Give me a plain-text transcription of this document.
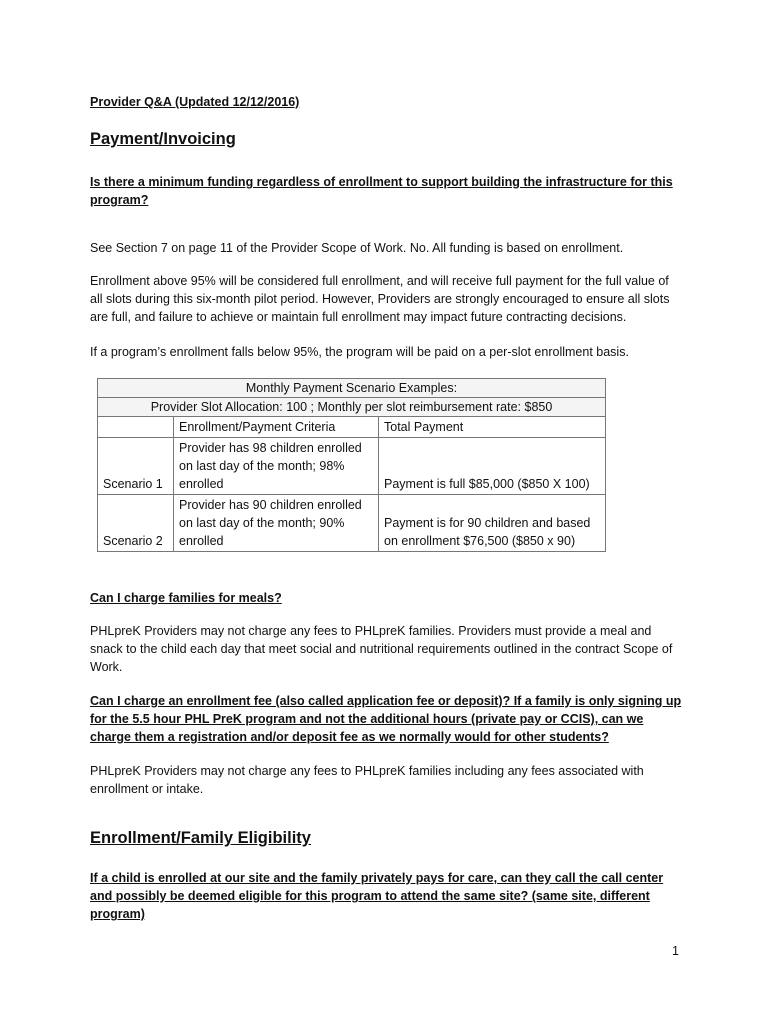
Provider Q&A (Updated 12/12/2016)
Payment/Invoicing
Is there a minimum funding regardless of enrollment to support building the infrastructure for this program?
See Section 7 on page 11 of the Provider Scope of Work. No. All funding is based on enrollment.
Enrollment above 95% will be considered full enrollment, and will receive full payment for the full value of all slots during this six-month pilot period. However, Providers are strongly encouraged to ensure all slots are full, and failure to achieve or maintain full enrollment may impact future contracting decisions.
If a program’s enrollment falls below 95%, the program will be paid on a per-slot enrollment basis.
Monthly Payment Scenario Examples:		
Provider Slot Allocation: 100 ; Monthly per slot reimbursement rate: $850		
	Enrollment/Payment Criteria	Total Payment
Scenario 1	Provider has 98 children enrolled on last day of the month; 98% enrolled	Payment is full $85,000 ($850 X 100)
Scenario 2	Provider has 90 children enrolled on last day of the month; 90% enrolled	Payment is for 90 children and based on enrollment $76,500 ($850 x 90)
Can I charge families for meals?
PHLpreK Providers may not charge any fees to PHLpreK families. Providers must provide a meal and snack to the child each day that meet social and nutritional requirements outlined in the contract Scope of Work.
Can I charge an enrollment fee (also called application fee or deposit)? If a family is only signing up for the 5.5 hour PHL PreK program and not the additional hours (private pay or CCIS), can we charge them a registration and/or deposit fee as we normally would for other students?
PHLpreK Providers may not charge any fees to PHLpreK families including any fees associated with enrollment or intake.
Enrollment/Family Eligibility
If a child is enrolled at our site and the family privately pays for care, can they call the call center and possibly be deemed eligible for this program to attend the same site? (same site, different program)
1
